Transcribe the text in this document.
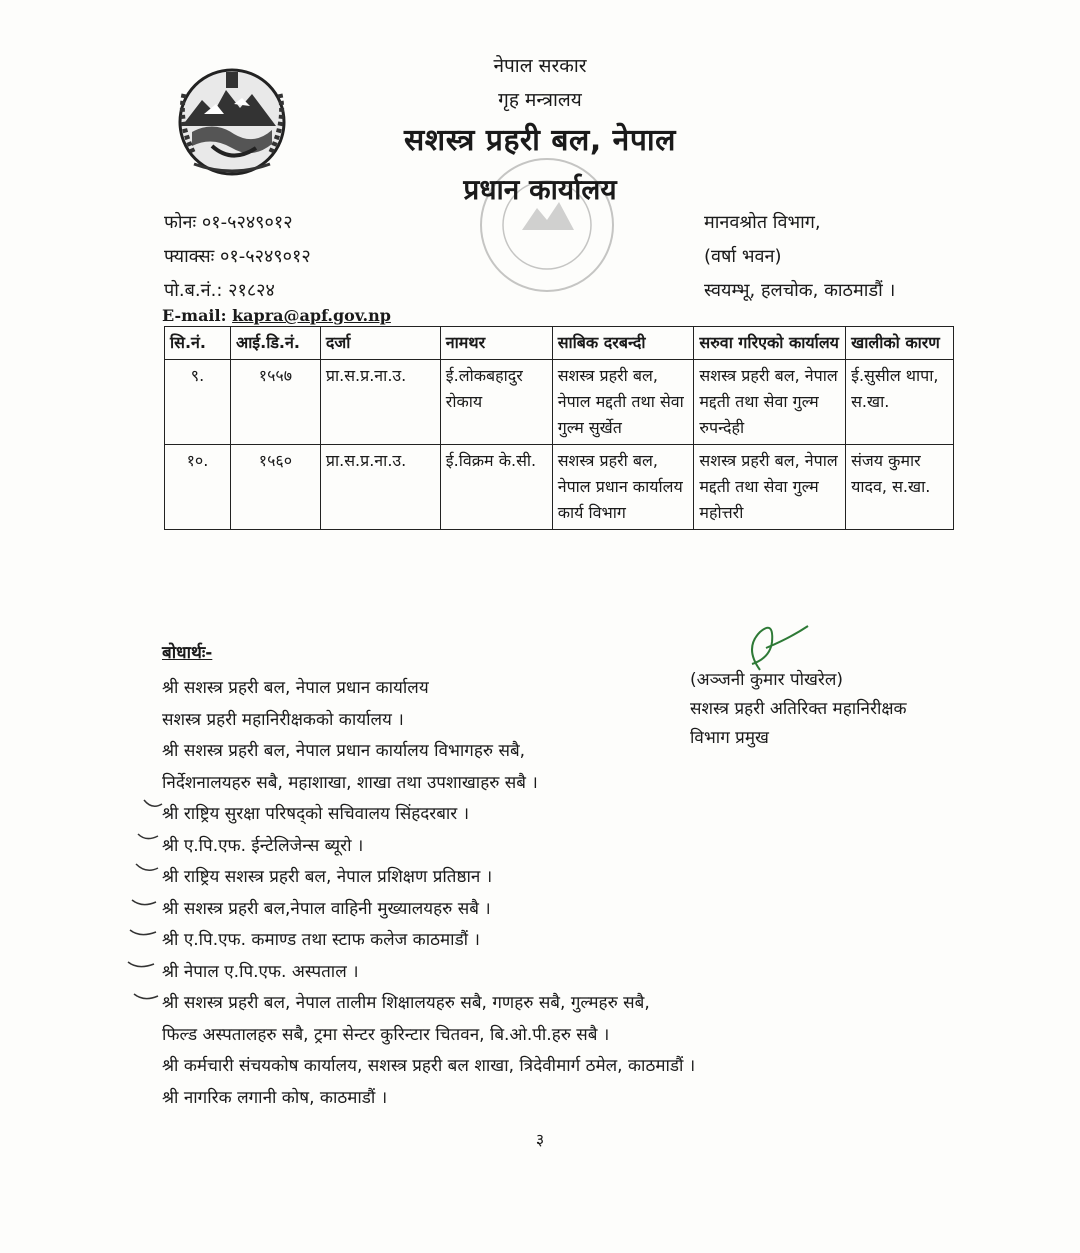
नेपाल सरकार
गृह मन्त्रालय
सशस्त्र प्रहरी बल, नेपाल
प्रधान कार्यालय
फोनः ०१-५२४९०१२
फ्याक्सः ०१-५२४९०१२
पो.ब.नं.: २१८२४
E-mail: kapra@apf.gov.np
मानवश्रोत विभाग,
(वर्षा भवन)
स्वयम्भू, हलचोक, काठमाडौं ।
सि.नं.	आई.डि.नं.	दर्जा	नामथर	साबिक दरबन्दी	सरुवा गरिएको कार्यालय	खालीको कारण
९.	१५५७	प्रा.स.प्र.ना.उ.	ई.लोकबहादुर रोकाय	सशस्त्र प्रहरी बल, नेपाल मद्दती तथा सेवा गुल्म सुर्खेत	सशस्त्र प्रहरी बल, नेपाल मद्दती तथा सेवा गुल्म रुपन्देही	ई.सुसील थापा, स.खा.
१०.	१५६०	प्रा.स.प्र.ना.उ.	ई.विक्रम के.सी.	सशस्त्र प्रहरी बल, नेपाल प्रधान कार्यालय कार्य विभाग	सशस्त्र प्रहरी बल, नेपाल मद्दती तथा सेवा गुल्म महोत्तरी	संजय कुमार यादव, स.खा.
बोधार्थः-
श्री सशस्त्र प्रहरी बल, नेपाल प्रधान कार्यालय
सशस्त्र प्रहरी महानिरीक्षकको कार्यालय ।
श्री सशस्त्र प्रहरी बल, नेपाल प्रधान कार्यालय विभागहरु सबै,
निर्देशनालयहरु सबै, महाशाखा, शाखा तथा उपशाखाहरु सबै ।
श्री राष्ट्रिय सुरक्षा परिषद्को सचिवालय सिंहदरबार ।
श्री ए.पि.एफ. ईन्टेलिजेन्स ब्यूरो ।
श्री राष्ट्रिय सशस्त्र प्रहरी बल, नेपाल प्रशिक्षण प्रतिष्ठान ।
श्री सशस्त्र प्रहरी बल,नेपाल वाहिनी मुख्यालयहरु सबै ।
श्री ए.पि.एफ. कमाण्ड तथा स्टाफ कलेज काठमाडौं ।
श्री नेपाल ए.पि.एफ. अस्पताल ।
श्री सशस्त्र प्रहरी बल, नेपाल तालीम शिक्षालयहरु सबै, गणहरु सबै, गुल्महरु सबै,
फिल्ड अस्पतालहरु सबै, ट्रमा सेन्टर कुरिन्टार चितवन, बि.ओ.पी.हरु सबै ।
श्री कर्मचारी संचयकोष कार्यालय, सशस्त्र प्रहरी बल शाखा, त्रिदेवीमार्ग ठमेल, काठमाडौं ।
श्री नागरिक लगानी कोष, काठमाडौं ।
(अञ्जनी कुमार पोखरेल)
सशस्त्र प्रहरी अतिरिक्त महानिरीक्षक
विभाग प्रमुख
३
